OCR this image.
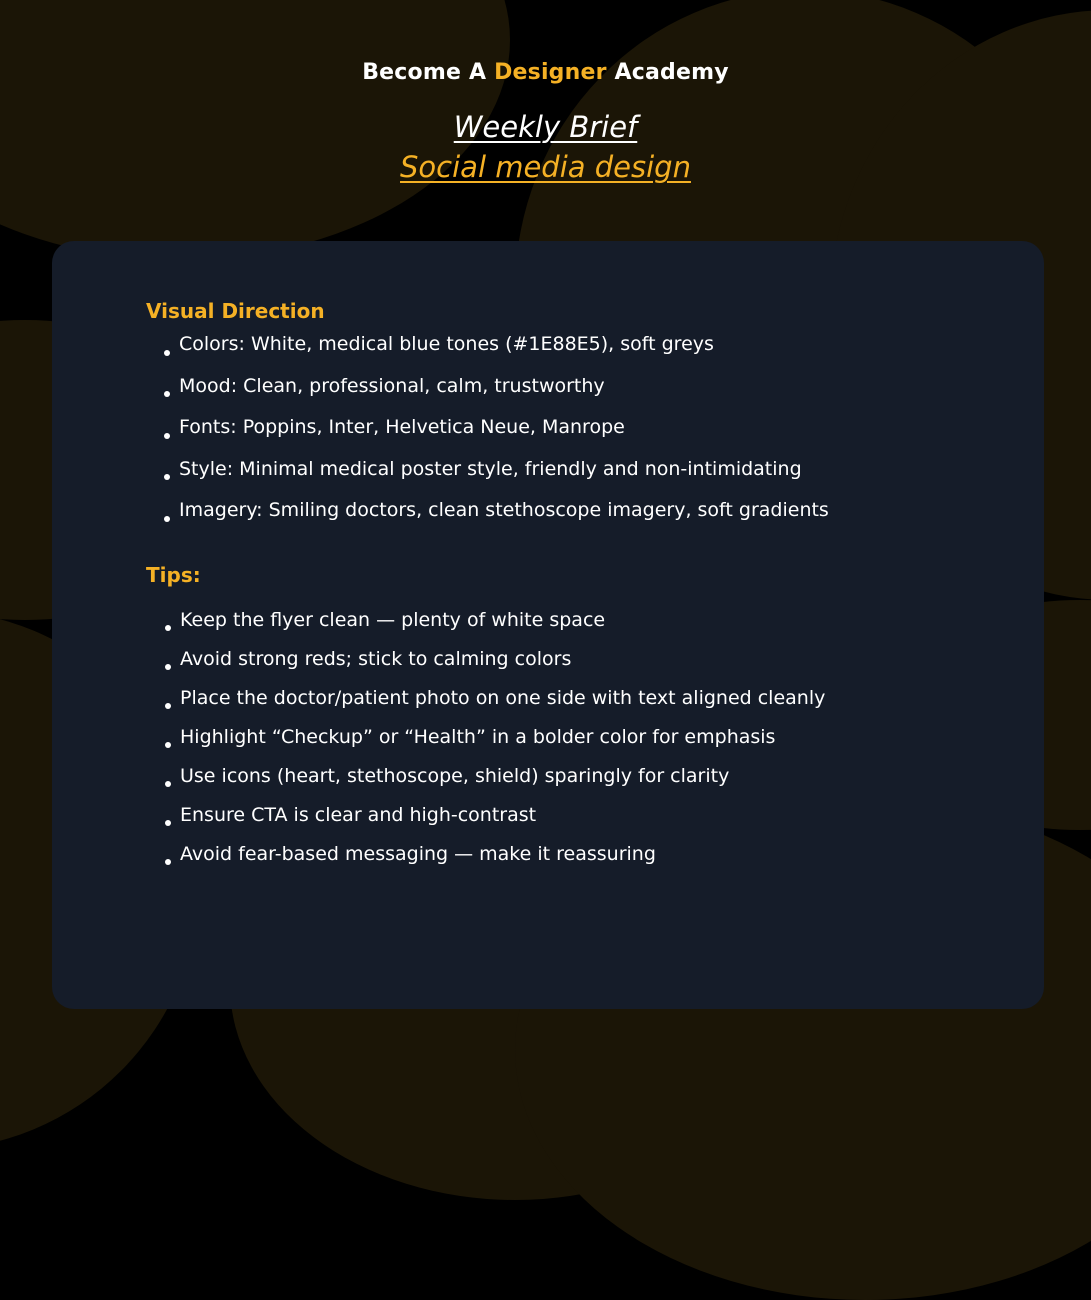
Become A Designer Academy
Weekly Brief
Social media design
Visual Direction
Colors: White, medical blue tones (#1E88E5), soft greys
Mood: Clean, professional, calm, trustworthy
Fonts: Poppins, Inter, Helvetica Neue, Manrope
Style: Minimal medical poster style, friendly and non-intimidating
Imagery: Smiling doctors, clean stethoscope imagery, soft gradients
Tips:
Keep the flyer clean — plenty of white space
Avoid strong reds; stick to calming colors
Place the doctor/patient photo on one side with text aligned cleanly
Highlight “Checkup” or “Health” in a bolder color for emphasis
Use icons (heart, stethoscope, shield) sparingly for clarity
Ensure CTA is clear and high-contrast
Avoid fear-based messaging — make it reassuring
